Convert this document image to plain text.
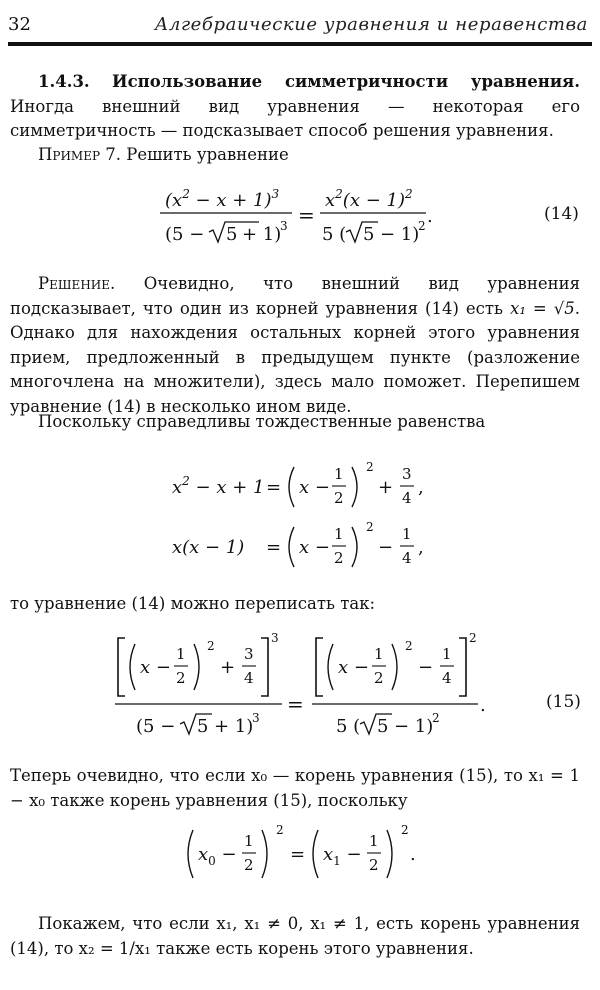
32	Алгебраические уравнения и неравенства

1.4.3. Использование симметричности уравнения. Иногда внешний вид уравнения — некоторая его симметричность — подсказывает способ решения уравнения.

Пример 7. Решить уравнение

$(x^2 - x + 1)^3$
(5 − 5 + 1)
3 =
$x^2(x - 1)^2$
5 ( 5 − 1)
2 .	(14)

Решение. Очевидно, что внешний вид уравнения подсказывает, что один из корней уравнения (14) есть x₁ = √5. Однако для нахождения остальных корней этого уравнения прием, предложенный в предыдущем пункте (разложение многочлена на множители), здесь мало поможет. Перепишем уравнение (14) в несколько ином виде.

Поскольку справедливы тождественные равенства

$x^2 - x + 1 = x$ −
1
2
2
+
3
4 ,
x(x − 1) = x −
1
2
2
−
1
4 ,

то уравнение (14) можно переписать так:

x −
1
2
2
+
3
4
3
(5 − 5 + 1)
3
=
x −
1
2
2
−
1
4
2
5 ( 5 − 1)
2
.	(15)

Теперь очевидно, что если x₀ — корень уравнения (15), то x₁ = 1 − x₀ также корень уравнения (15), поскольку

$x_0$ −
1
2
2
= $x_1$ −
1
2
2
.

Покажем, что если x₁, x₁ ≠ 0, x₁ ≠ 1, есть корень уравнения (14), то x₂ = 1/x₁ также есть корень этого уравнения.
